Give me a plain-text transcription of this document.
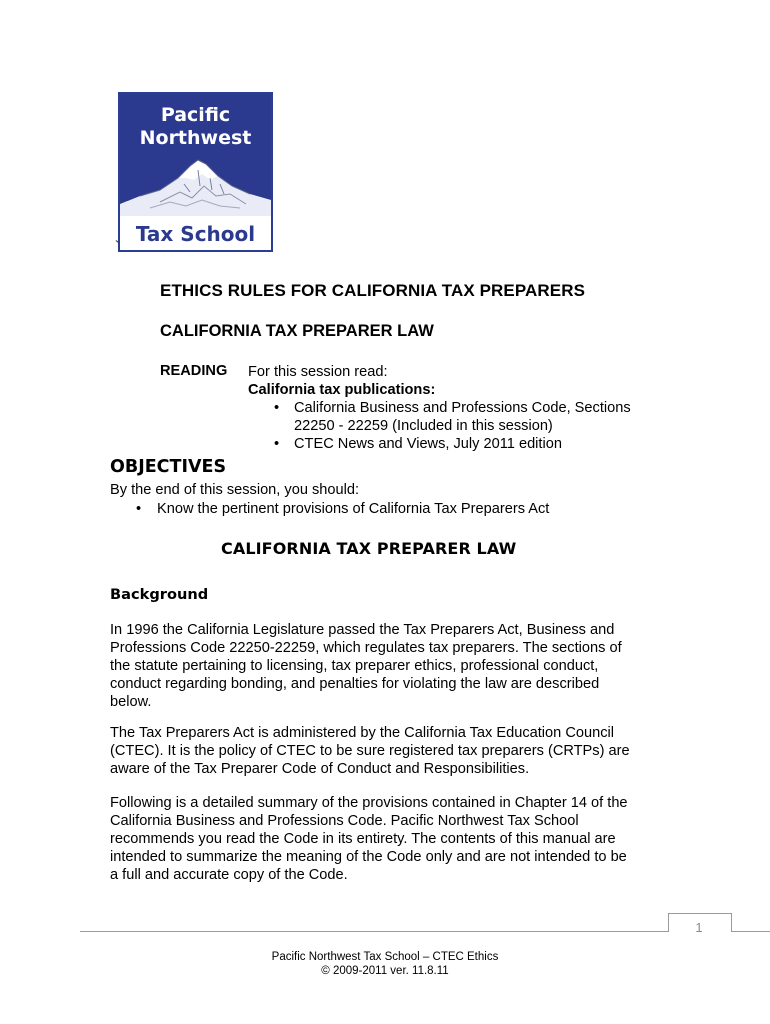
Pacific
Northwest
Tax School
`
ETHICS RULES FOR CALIFORNIA TAX PREPARERS
CALIFORNIA TAX PREPARER LAW
READING For this session read:
California tax publications:
• California Business and Professions Code, Sections
22250 - 22259 (Included in this session)
• CTEC News and Views, July 2011 edition
OBJECTIVES
By the end of this session, you should:
• Know the pertinent provisions of California Tax Preparers Act
CALIFORNIA TAX PREPARER LAW
Background
In 1996 the California Legislature passed the Tax Preparers Act, Business and
Professions Code 22250-22259, which regulates tax preparers. The sections of
the statute pertaining to licensing, tax preparer ethics, professional conduct,
conduct regarding bonding, and penalties for violating the law are described
below.
The Tax Preparers Act is administered by the California Tax Education Council
(CTEC). It is the policy of CTEC to be sure registered tax preparers (CRTPs) are
aware of the Tax Preparer Code of Conduct and Responsibilities.
Following is a detailed summary of the provisions contained in Chapter 14 of the
California Business and Professions Code. Pacific Northwest Tax School
recommends you read the Code in its entirety. The contents of this manual are
intended to summarize the meaning of the Code only and are not intended to be
a full and accurate copy of the Code.
1
Pacific Northwest Tax School – CTEC Ethics
© 2009-2011 ver. 11.8.11
